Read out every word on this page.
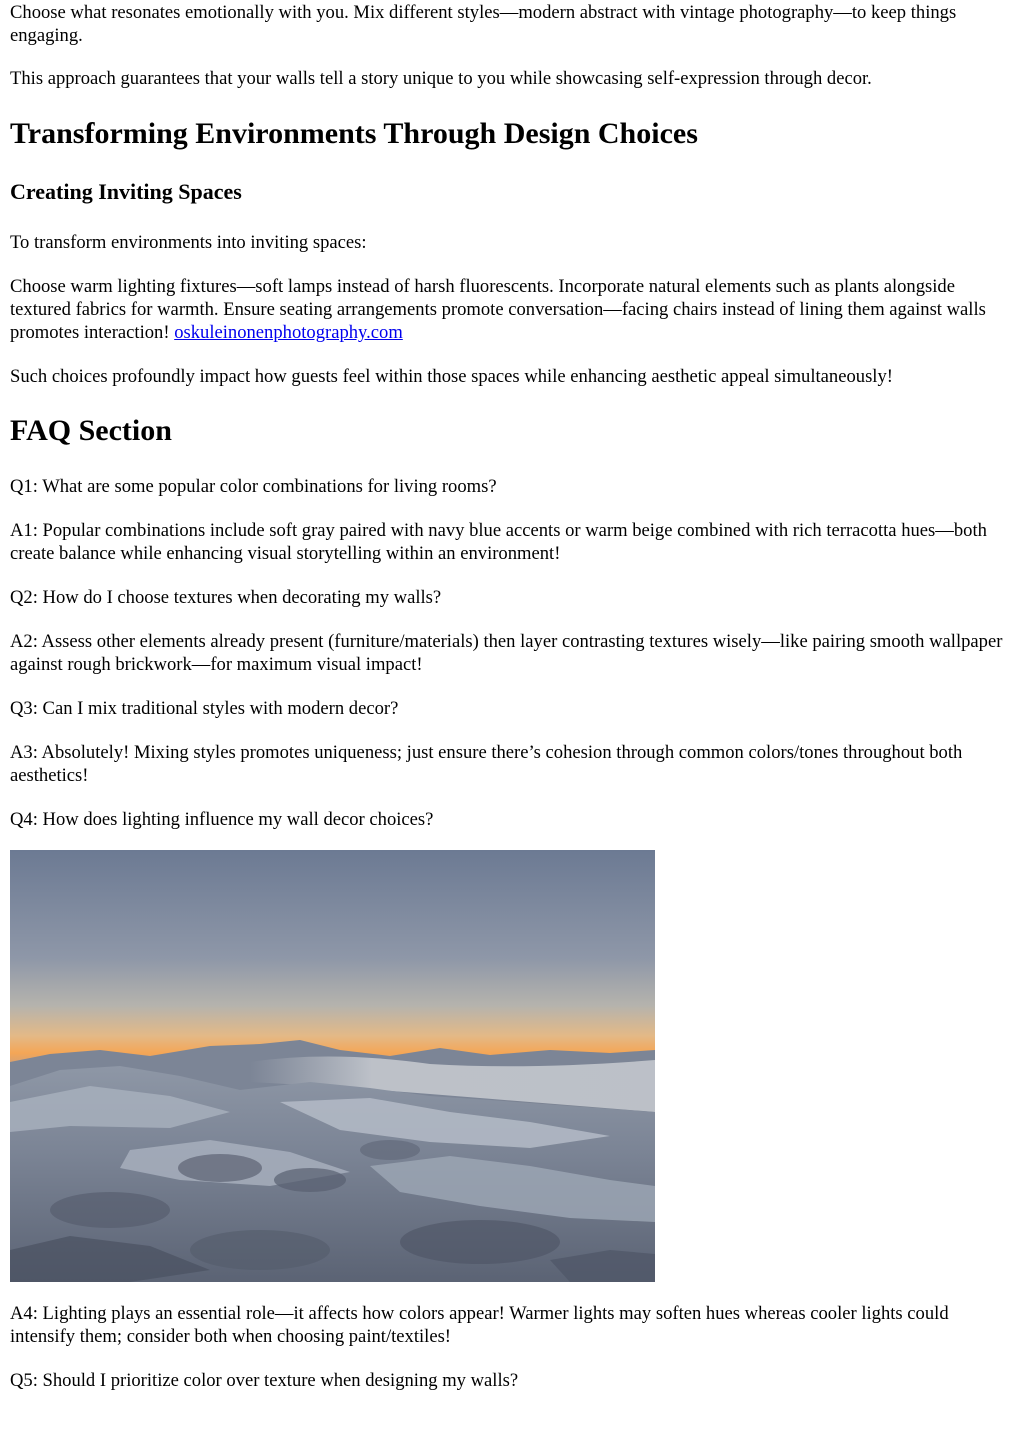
Choose what resonates emotionally with you. Mix different styles—modern abstract with vintage photography—to keep things engaging.

This approach guarantees that your walls tell a story unique to you while showcasing self-expression through decor.

Transforming Environments Through Design Choices
Creating Inviting Spaces

To transform environments into inviting spaces:

Choose warm lighting fixtures—soft lamps instead of harsh fluorescents. Incorporate natural elements such as plants alongside textured fabrics for warmth. Ensure seating arrangements promote conversation—facing chairs instead of lining them against walls promotes interaction! oskuleinonenphotography.com

Such choices profoundly impact how guests feel within those spaces while enhancing aesthetic appeal simultaneously!

FAQ Section

Q1: What are some popular color combinations for living rooms?

A1: Popular combinations include soft gray paired with navy blue accents or warm beige combined with rich terracotta hues—both create balance while enhancing visual storytelling within an environment!

Q2: How do I choose textures when decorating my walls?

A2: Assess other elements already present (furniture/materials) then layer contrasting textures wisely—like pairing smooth wallpaper against rough brickwork—for maximum visual impact!

Q3: Can I mix traditional styles with modern decor?

A3: Absolutely! Mixing styles promotes uniqueness; just ensure there’s cohesion through common colors/tones throughout both aesthetics!

Q4: How does lighting influence my wall decor choices?

A4: Lighting plays an essential role—it affects how colors appear! Warmer lights may soften hues whereas cooler lights could intensify them; consider both when choosing paint/textiles!

Q5: Should I prioritize color over texture when designing my walls?
